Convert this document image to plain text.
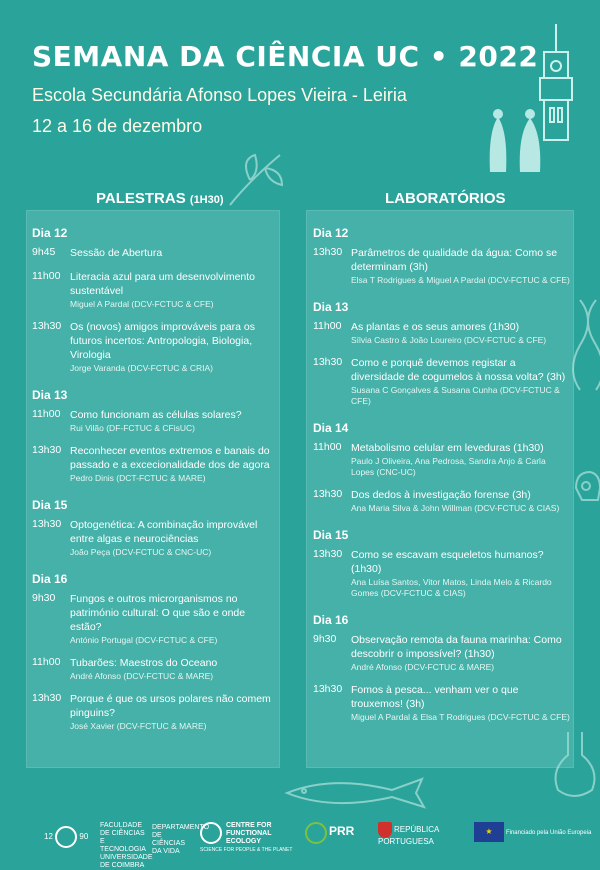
SEMANA DA CIÊNCIA UC • 2022
Escola Secundária Afonso Lopes Vieira - Leiria
12 a 16 de dezembro
PALESTRAS (1H30)	LABORATÓRIOS
Dia 12
9h45	Sessão de Abertura
11h00 Literacia azul para um desenvolvimento sustentável
Miguel A Pardal (DCV-FCTUC & CFE)
13h30 Os (novos) amigos improváveis para os futuros incertos: Antropologia, Biologia, Virologia
Jorge Varanda (DCV-FCTUC & CRIA)
Dia 13
11h00 Como funcionam as células solares?
Rui Vilão (DF-FCTUC & CFisUC)
13h30 Reconhecer eventos extremos e banais do passado e a excecionalidade dos de agora
Pedro Dinis (DCT-FCTUC & MARE)
Dia 15
13h30 Optogenética: A combinação improvável entre algas e neurociências
João Peça (DCV-FCTUC & CNC-UC)
Dia 16
9h30	Fungos e outros microrganismos no património cultural: O que são e onde estão?
António Portugal (DCV-FCTUC & CFE)
11h00 Tubarões: Maestros do Oceano
André Afonso (DCV-FCTUC & MARE)
13h30 Porque é que os ursos polares não comem pinguins?
José Xavier (DCV-FCTUC & MARE)
Dia 12
13h30 Parâmetros de qualidade da água: Como se determinam (3h)
Elsa T Rodrigues & Miguel A Pardal (DCV-FCTUC & CFE)
Dia 13
11h00 As plantas e os seus amores (1h30)
Sílvia Castro & João Loureiro (DCV-FCTUC & CFE)
13h30 Como e porquê devemos registar a diversidade de cogumelos à nossa volta? (3h)
Susana C Gonçalves & Susana Cunha (DCV-FCTUC & CFE)
Dia 14
11h00 Metabolismo celular em leveduras (1h30)
Paulo J Oliveira, Ana Pedrosa, Sandra Anjo & Carla Lopes (CNC-UC)
13h30 Dos dedos à investigação forense (3h)
Ana Maria Silva & John Willman (DCV-FCTUC & CIAS)
Dia 15
13h30 Como se escavam esqueletos humanos? (1h30)
Ana Luísa Santos, Vitor Matos, Linda Melo & Ricardo Gomes (DCV-FCTUC & CIAS)
Dia 16
9h30	Observação remota da fauna marinha: Como descobrir o impossível? (1h30)
André Afonso (DCV-FCTUC & MARE)
13h30 Fomos à pesca... venham ver o que trouxemos! (3h)
Miguel A Pardal & Elsa T Rodrigues (DCV-FCTUC & CFE)
12	90
FACULDADE DE CIÊNCIAS E TECNOLOGIA UNIVERSIDADE DE COIMBRA
DEPARTAMENTO DE CIÊNCIAS DA VIDA
CENTRE FOR FUNCTIONAL ECOLOGY
SCIENCE FOR PEOPLE & THE PLANET
PRR	REPÚBLICA PORTUGUESA
★ Financiado pela União Europeia
